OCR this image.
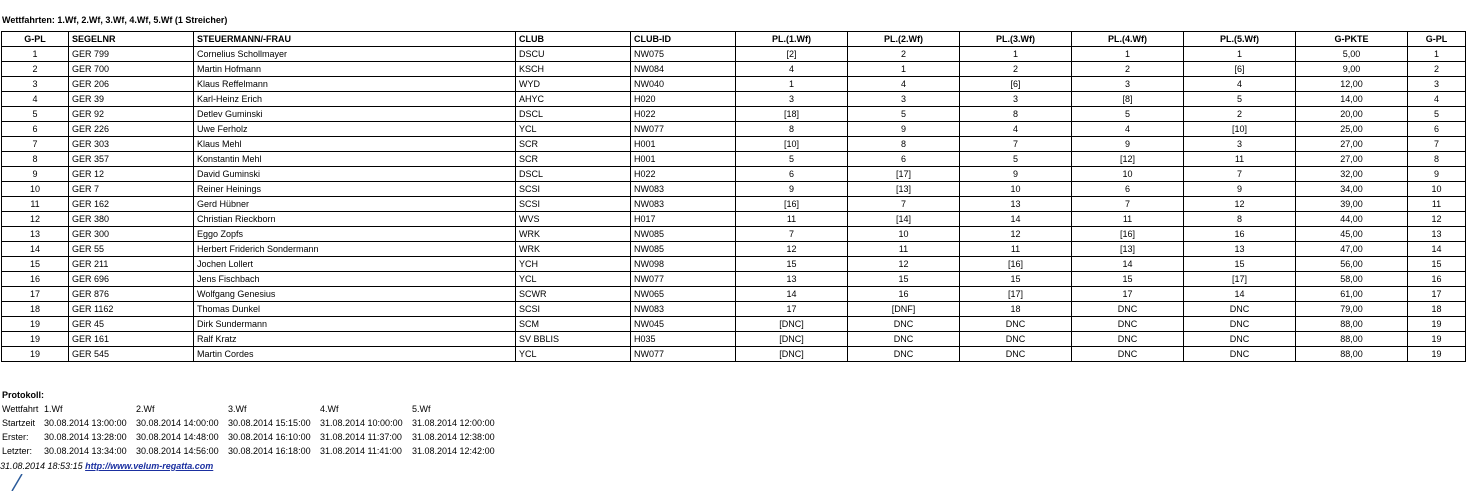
Wettfahrten: 1.Wf, 2.Wf, 3.Wf, 4.Wf, 5.Wf (1 Streicher)
G-PL	SEGELNR	STEUERMANN/-FRAU	CLUB	CLUB-ID	PL.(1.Wf)	PL.(2.Wf)	PL.(3.Wf)	PL.(4.Wf)	PL.(5.Wf)	G-PKTE	G-PL
1	GER 799	Cornelius Schollmayer	DSCU	NW075	[2]	2	1	1	1	5,00	1
2	GER 700	Martin Hofmann	KSCH	NW084	4	1	2	2	[6]	9,00	2
3	GER 206	Klaus Reffelmann	WYD	NW040	1	4	[6]	3	4	12,00	3
4	GER 39	Karl-Heinz Erich	AHYC	H020	3	3	3	[8]	5	14,00	4
5	GER 92	Detlev Guminski	DSCL	H022	[18]	5	8	5	2	20,00	5
6	GER 226	Uwe Ferholz	YCL	NW077	8	9	4	4	[10]	25,00	6
7	GER 303	Klaus Mehl	SCR	H001	[10]	8	7	9	3	27,00	7
8	GER 357	Konstantin Mehl	SCR	H001	5	6	5	[12]	11	27,00	8
9	GER 12	David Guminski	DSCL	H022	6	[17]	9	10	7	32,00	9
10	GER 7	Reiner Heinings	SCSI	NW083	9	[13]	10	6	9	34,00	10
11	GER 162	Gerd Hübner	SCSI	NW083	[16]	7	13	7	12	39,00	11
12	GER 380	Christian Rieckborn	WVS	H017	11	[14]	14	11	8	44,00	12
13	GER 300	Eggo Zopfs	WRK	NW085	7	10	12	[16]	16	45,00	13
14	GER 55	Herbert Friderich Sondermann	WRK	NW085	12	11	11	[13]	13	47,00	14
15	GER 211	Jochen Lollert	YCH	NW098	15	12	[16]	14	15	56,00	15
16	GER 696	Jens Fischbach	YCL	NW077	13	15	15	15	[17]	58,00	16
17	GER 876	Wolfgang Genesius	SCWR	NW065	14	16	[17]	17	14	61,00	17
18	GER 1162	Thomas Dunkel	SCSI	NW083	17	[DNF]	18	DNC	DNC	79,00	18
19	GER 45	Dirk Sundermann	SCM	NW045	[DNC]	DNC	DNC	DNC	DNC	88,00	19
19	GER 161	Ralf Kratz	SV BBLIS	H035	[DNC]	DNC	DNC	DNC	DNC	88,00	19
19	GER 545	Martin Cordes	YCL	NW077	[DNC]	DNC	DNC	DNC	DNC	88,00	19
Protokoll:
Wettfahrt 1.Wf	2.Wf	3.Wf	4.Wf	5.Wf
Startzeit 30.08.2014 13:00:00	30.08.2014 14:00:00	30.08.2014 15:15:00	31.08.2014 10:00:00	31.08.2014 12:00:00
Erster:	30.08.2014 13:28:00	30.08.2014 14:48:00	30.08.2014 16:10:00	31.08.2014 11:37:00	31.08.2014 12:38:00
Letzter:	30.08.2014 13:34:00	30.08.2014 14:56:00	30.08.2014 16:18:00	31.08.2014 11:41:00	31.08.2014 12:42:00
31.08.2014 18:53:15 http://www.velum-regatta.com
